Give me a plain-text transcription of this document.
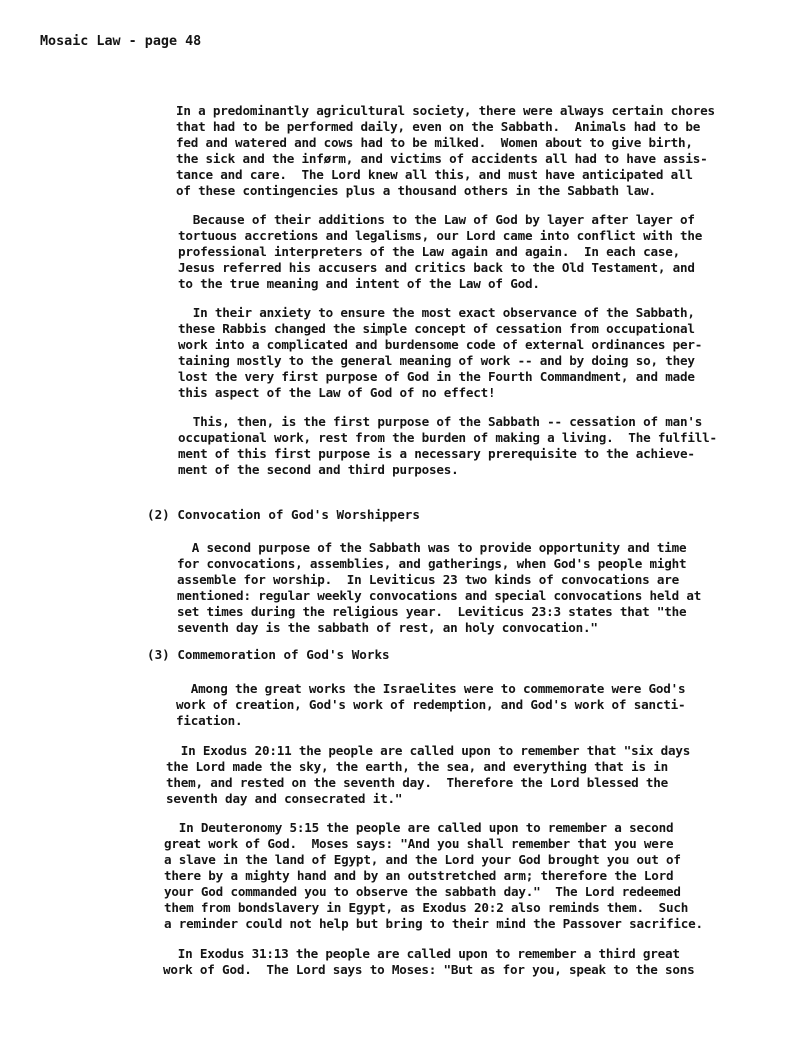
Mosaic Law - page 48
In a predominantly agricultural society, there were always certain chores
that had to be performed daily, even on the Sabbath.  Animals had to be
fed and watered and cows had to be milked.  Women about to give birth,
the sick and the inførm, and victims of accidents all had to have assis-
tance and care.  The Lord knew all this, and must have anticipated all
of these contingencies plus a thousand others in the Sabbath law.
Because of their additions to the Law of God by layer after layer of
tortuous accretions and legalisms, our Lord came into conflict with the
professional interpreters of the Law again and again.  In each case,
Jesus referred his accusers and critics back to the Old Testament, and
to the true meaning and intent of the Law of God.
In their anxiety to ensure the most exact observance of the Sabbath,
these Rabbis changed the simple concept of cessation from occupational
work into a complicated and burdensome code of external ordinances per-
taining mostly to the general meaning of work -- and by doing so, they
lost the very first purpose of God in the Fourth Commandment, and made
this aspect of the Law of God of no effect!
This, then, is the first purpose of the Sabbath -- cessation of man's
occupational work, rest from the burden of making a living.  The fulfill-
ment of this first purpose is a necessary prerequisite to the achieve-
ment of the second and third purposes.
(2) Convocation of God's Worshippers
A second purpose of the Sabbath was to provide opportunity and time
for convocations, assemblies, and gatherings, when God's people might
assemble for worship.  In Leviticus 23 two kinds of convocations are
mentioned: regular weekly convocations and special convocations held at
set times during the religious year.  Leviticus 23:3 states that "the
seventh day is the sabbath of rest, an holy convocation."
(3) Commemoration of God's Works
Among the great works the Israelites were to commemorate were God's
work of creation, God's work of redemption, and God's work of sancti-
fication.
In Exodus 20:11 the people are called upon to remember that "six days
the Lord made the sky, the earth, the sea, and everything that is in
them, and rested on the seventh day.  Therefore the Lord blessed the
seventh day and consecrated it."
In Deuteronomy 5:15 the people are called upon to remember a second
great work of God.  Moses says: "And you shall remember that you were
a slave in the land of Egypt, and the Lord your God brought you out of
there by a mighty hand and by an outstretched arm; therefore the Lord
your God commanded you to observe the sabbath day."  The Lord redeemed
them from bondslavery in Egypt, as Exodus 20:2 also reminds them.  Such
a reminder could not help but bring to their mind the Passover sacrifice.
In Exodus 31:13 the people are called upon to remember a third great
work of God.  The Lord says to Moses: "But as for you, speak to the sons
